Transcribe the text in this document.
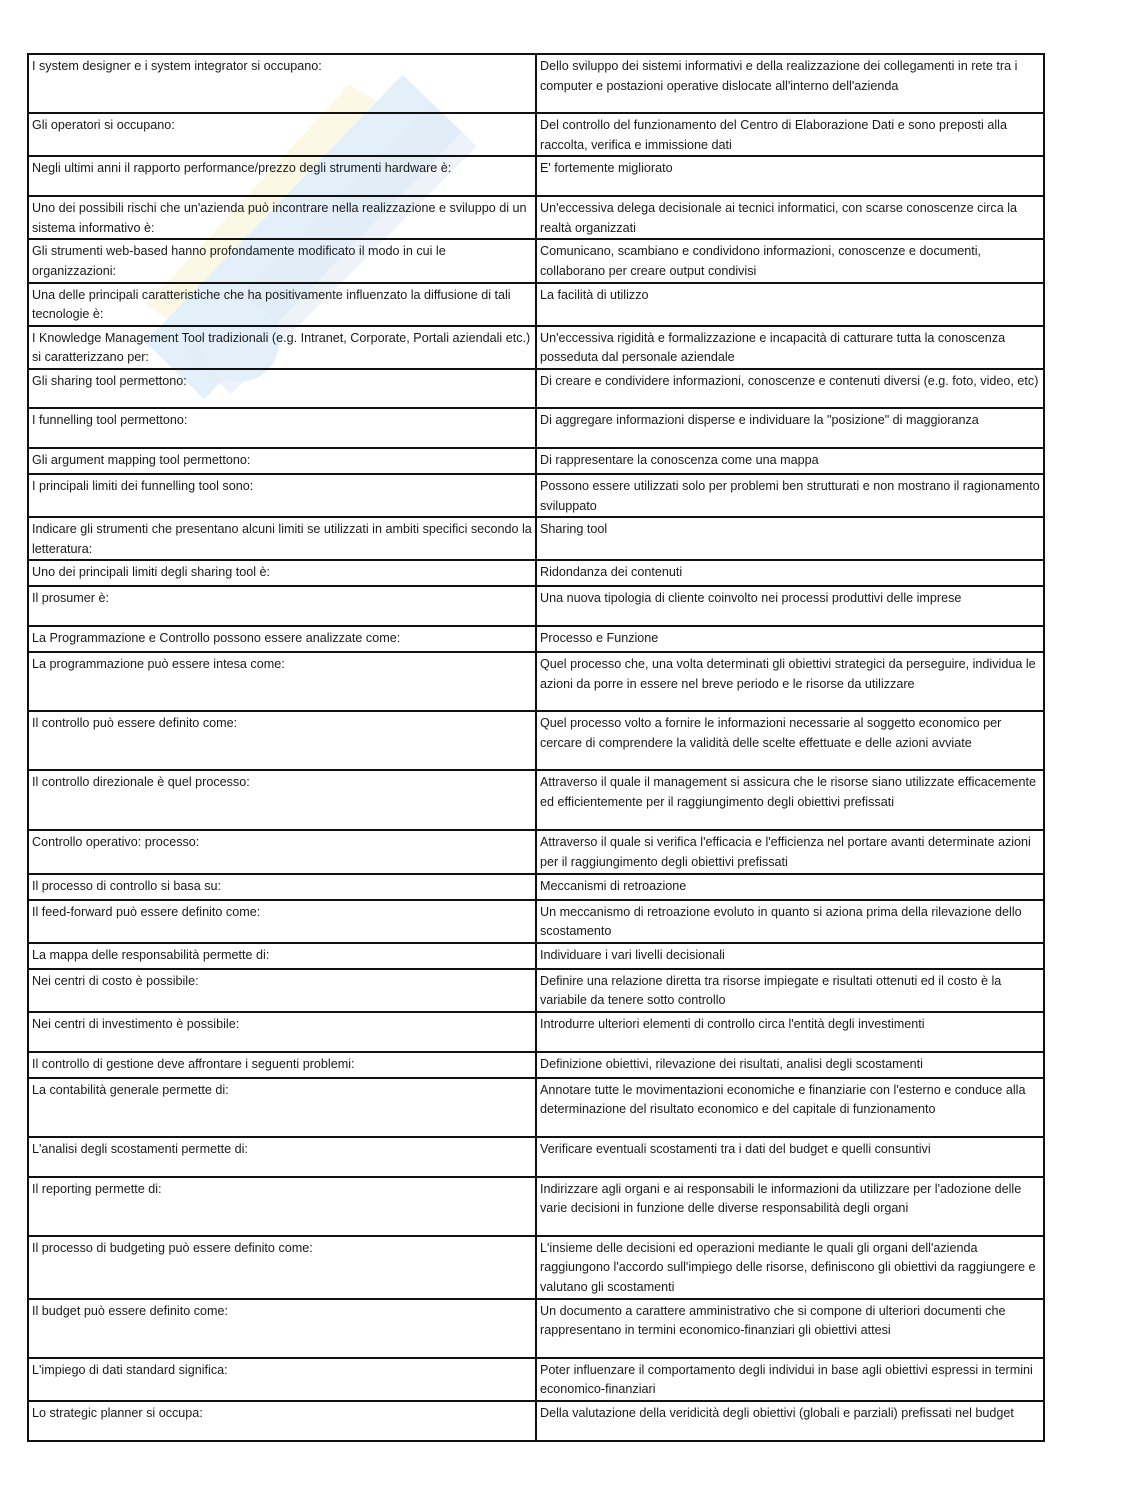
I system designer e i system integrator si occupano:	Dello sviluppo dei sistemi informativi e della realizzazione dei collegamenti in rete tra i computer e postazioni operative dislocate all'interno dell'azienda
Gli operatori si occupano:	Del controllo del funzionamento del Centro di Elaborazione Dati e sono preposti alla raccolta, verifica e immissione dati
Negli ultimi anni il rapporto performance/prezzo degli strumenti hardware è:	E' fortemente migliorato
Uno dei possibili rischi che un'azienda può incontrare nella realizzazione e sviluppo di un sistema informativo è:	Un'eccessiva delega decisionale ai tecnici informatici, con scarse conoscenze circa la realtà organizzati
Gli strumenti web-based hanno profondamente modificato il modo in cui le organizzazioni:	Comunicano, scambiano e condividono informazioni, conoscenze e documenti, collaborano per creare output condivisi
Una delle principali caratteristiche che ha positivamente influenzato la diffusione di tali tecnologie è:	La facilità di utilizzo
I Knowledge Management Tool tradizionali (e.g. Intranet, Corporate, Portali aziendali etc.) si caratterizzano per:	Un'eccessiva rigidità e formalizzazione e incapacità di catturare tutta la conoscenza posseduta dal personale aziendale
Gli sharing tool permettono:	Di creare e condividere informazioni, conoscenze e contenuti diversi (e.g. foto, video, etc)
I funnelling tool permettono:	Di aggregare informazioni disperse e individuare la "posizione" di maggioranza
Gli argument mapping tool permettono:	Di rappresentare la conoscenza come una mappa
I principali limiti dei funnelling tool sono:	Possono essere utilizzati solo per problemi ben strutturati e non mostrano il ragionamento sviluppato
Indicare gli strumenti che presentano alcuni limiti se utilizzati in ambiti specifici secondo la letteratura:	Sharing tool
Uno dei principali limiti degli sharing tool è:	Ridondanza dei contenuti
Il prosumer è:	Una nuova tipologia di cliente coinvolto nei processi produttivi delle imprese
La Programmazione e Controllo possono essere analizzate come:	Processo e Funzione
La programmazione può essere intesa come:	Quel processo che, una volta determinati gli obiettivi strategici da perseguire, individua le azioni da porre in essere nel breve periodo e le risorse da utilizzare
Il controllo può essere definito come:	Quel processo volto a fornire le informazioni necessarie al soggetto economico per cercare di comprendere la validità delle scelte effettuate e delle azioni avviate
Il controllo direzionale è quel processo:	Attraverso il quale il management si assicura che le risorse siano utilizzate efficacemente ed efficientemente per il raggiungimento degli obiettivi prefissati
Controllo operativo: processo:	Attraverso il quale si verifica l'efficacia e l'efficienza nel portare avanti determinate azioni per il raggiungimento degli obiettivi prefissati
Il processo di controllo si basa su:	Meccanismi di retroazione
Il feed-forward può essere definito come:	Un meccanismo di retroazione evoluto in quanto si aziona prima della rilevazione dello scostamento
La mappa delle responsabilità permette di:	Individuare i vari livelli decisionali
Nei centri di costo è possibile:	Definire una relazione diretta tra risorse impiegate e risultati ottenuti ed il costo è la variabile da tenere sotto controllo
Nei centri di investimento è possibile:	Introdurre ulteriori elementi di controllo circa l'entità degli investimenti
Il controllo di gestione deve affrontare i seguenti problemi:	Definizione obiettivi, rilevazione dei risultati, analisi degli scostamenti
La contabilità generale permette di:	Annotare tutte le movimentazioni economiche e finanziarie con l'esterno e conduce alla determinazione del risultato economico e del capitale di funzionamento
L'analisi degli scostamenti permette di:	Verificare eventuali scostamenti tra i dati del budget e quelli consuntivi
Il reporting permette di:	Indirizzare agli organi e ai responsabili le informazioni da utilizzare per l'adozione delle varie decisioni in funzione delle diverse responsabilità degli organi
Il processo di budgeting può essere definito come:	L'insieme delle decisioni ed operazioni mediante le quali gli organi dell'azienda raggiungono l'accordo sull'impiego delle risorse, definiscono gli obiettivi da raggiungere e valutano gli scostamenti
Il budget può essere definito come:	Un documento a carattere amministrativo che si compone di ulteriori documenti che rappresentano in termini economico-finanziari gli obiettivi attesi
L'impiego di dati standard significa:	Poter influenzare il comportamento degli individui in base agli obiettivi espressi in termini economico-finanziari
Lo strategic planner si occupa:	Della valutazione della veridicità degli obiettivi (globali e parziali) prefissati nel budget
